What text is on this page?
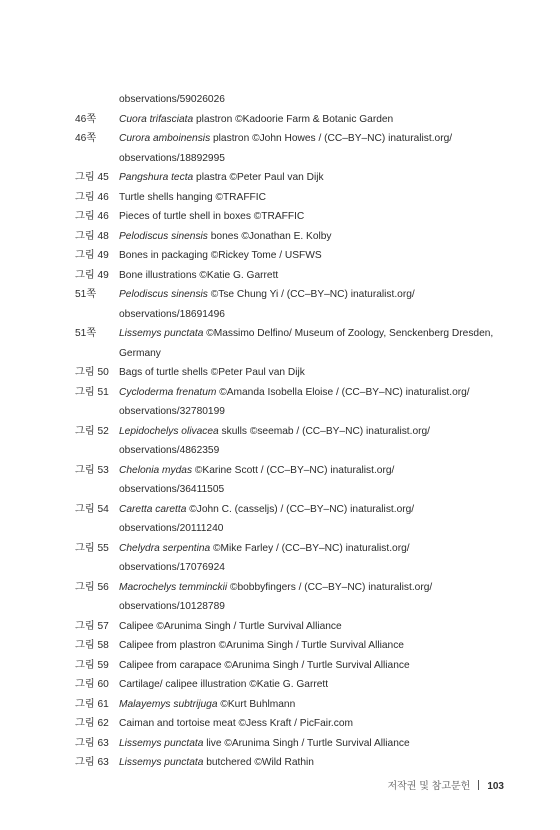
observations/59026026
46쪽	Cuora trifasciata plastron ©Kadoorie Farm & Botanic Garden
46쪽	Curora amboinensis plastron ©John Howes / (CC–BY–NC) inaturalist.org/
observations/18892995
그림 45 Pangshura tecta plastra ©Peter Paul van Dijk
그림 46 Turtle shells hanging ©TRAFFIC
그림 46 Pieces of turtle shell in boxes ©TRAFFIC
그림 48 Pelodiscus sinensis bones ©Jonathan E. Kolby
그림 49 Bones in packaging ©Rickey Tome / USFWS
그림 49 Bone illustrations ©Katie G. Garrett
51쪽	Pelodiscus sinensis ©Tse Chung Yi / (CC–BY–NC) inaturalist.org/
observations/18691496
51쪽	Lissemys punctata ©Massimo Delfino/ Museum of Zoology, Senckenberg Dresden,
Germany
그림 50 Bags of turtle shells ©Peter Paul van Dijk
그림 51 Cycloderma frenatum ©Amanda Isobella Eloise / (CC–BY–NC) inaturalist.org/
observations/32780199
그림 52 Lepidochelys olivacea skulls ©seemab / (CC–BY–NC) inaturalist.org/
observations/4862359
그림 53 Chelonia mydas ©Karine Scott / (CC–BY–NC) inaturalist.org/
observations/36411505
그림 54 Caretta caretta ©John C. (casseljs) / (CC–BY–NC) inaturalist.org/
observations/20111240
그림 55 Chelydra serpentina ©Mike Farley / (CC–BY–NC) inaturalist.org/
observations/17076924
그림 56 Macrochelys temminckii ©bobbyfingers / (CC–BY–NC) inaturalist.org/
observations/10128789
그림 57 Calipee ©Arunima Singh / Turtle Survival Alliance
그림 58 Calipee from plastron ©Arunima Singh / Turtle Survival Alliance
그림 59 Calipee from carapace ©Arunima Singh / Turtle Survival Alliance
그림 60 Cartilage/ calipee illustration ©Katie G. Garrett
그림 61 Malayemys subtrijuga ©Kurt Buhlmann
그림 62 Caiman and tortoise meat ©Jess Kraft / PicFair.com
그림 63 Lissemys punctata live ©Arunima Singh / Turtle Survival Alliance
그림 63 Lissemys punctata butchered ©Wild Rathin
저작권 및 참고문헌 103
